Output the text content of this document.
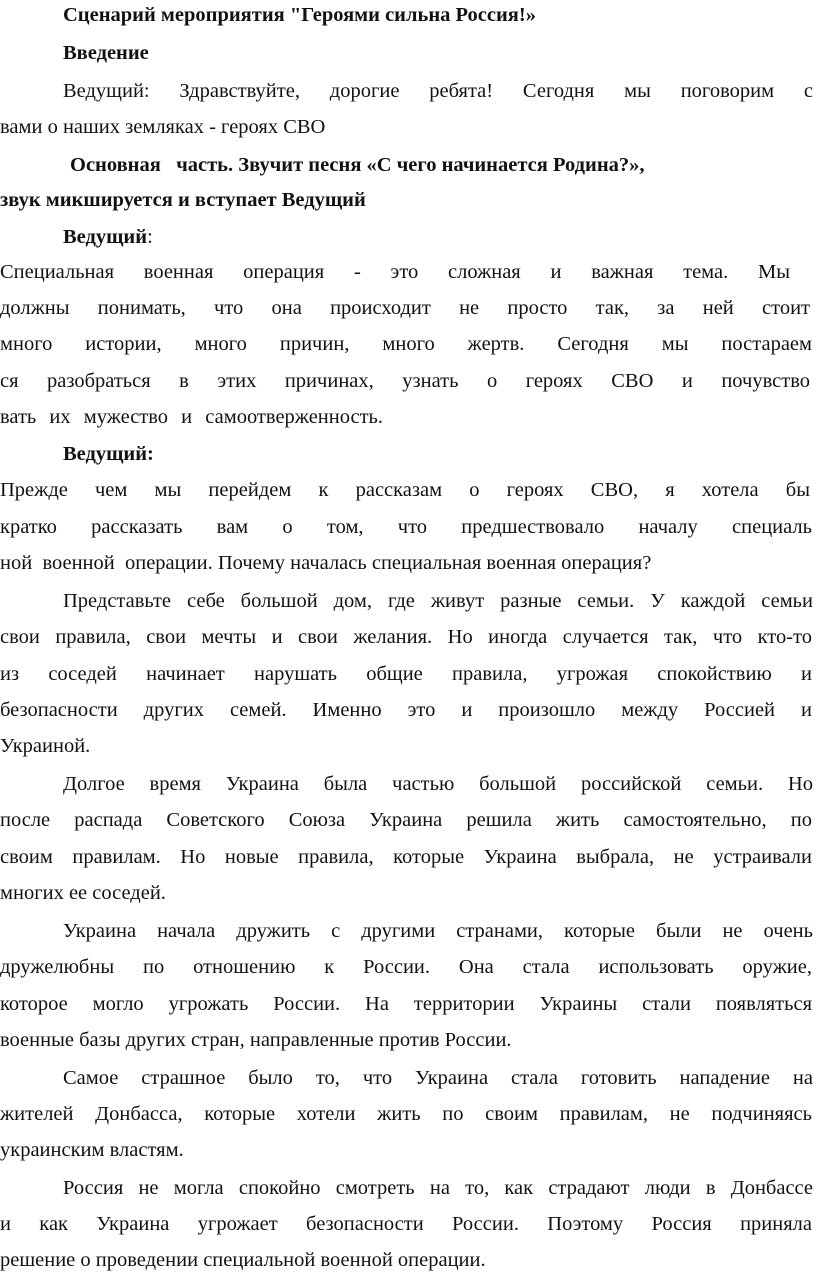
Сценарий мероприятия "Героями сильна Россия!»

Введение

Ведущий: Здравствуйте, дорогие ребята! Сегодня мы поговорим с

вами о наших земляках - героях СВО

Основная   часть. Звучит песня «С чего начинается Родина?»,

звук микшируется и вступает Ведущий

Ведущий:

Специальная военная операция - это сложная и важная тема. Мы

должны понимать, что она происходит не просто так, за ней стоит

много истории, много причин, много жертв. Сегодня мы постараем

ся разобраться в этих причинах, узнать о героях СВО и почувство

вать их мужество и самоотверженность.

Ведущий:

Прежде чем мы перейдем к рассказам о героях СВО, я хотела бы

кратко рассказать вам о том, что предшествовало началу специаль

ной  военной  операции. Почему началась специальная военная операция?

Представьте себе большой дом, где живут разные семьи. У каждой семьи

свои правила, свои мечты и свои желания. Но иногда случается так, что кто-то

из соседей начинает нарушать общие правила, угрожая спокойствию и

безопасности других семей. Именно это и произошло между Россией и

Украиной.

Долгое время Украина была частью большой российской семьи. Но

после распада Советского Союза Украина решила жить самостоятельно, по

своим правилам. Но новые правила, которые Украина выбрала, не устраивали

многих ее соседей.

Украина начала дружить с другими странами, которые были не очень

дружелюбны по отношению к России. Она стала использовать оружие,

которое могло угрожать России. На территории Украины стали появляться

военные базы других стран, направленные против России.

Самое страшное было то, что Украина стала готовить нападение на

жителей Донбасса, которые хотели жить по своим правилам, не подчиняясь

украинским властям.

Россия не могла спокойно смотреть на то, как страдают люди в Донбассе

и как Украина угрожает безопасности России. Поэтому Россия приняла

решение о проведении специальной военной операции.
